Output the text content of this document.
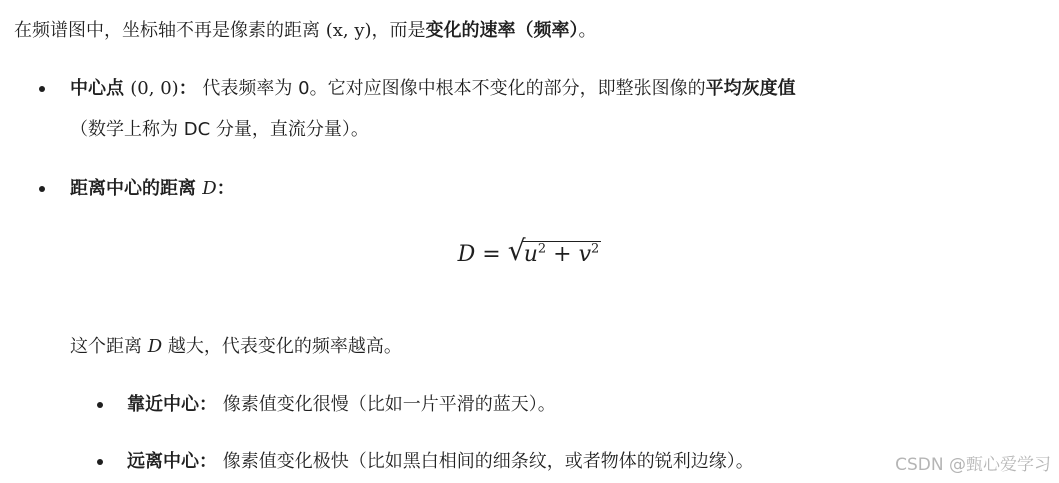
在频谱图中，坐标轴不再是像素的距离 (x, y)，而是变化的速率（频率）。
中心点 (0, 0)： 代表频率为 0。它对应图像中根本不变化的部分，即整张图像的平均灰度值
（数学上称为 DC 分量，直流分量）。
距离中心的距离 D：
D = √
$u^2 + v^2$
这个距离 D 越大，代表变化的频率越高。
靠近中心： 像素值变化很慢（比如一片平滑的蓝天）。
远离中心： 像素值变化极快（比如黑白相间的细条纹，或者物体的锐利边缘）。	CSDN @甄心爱学习
